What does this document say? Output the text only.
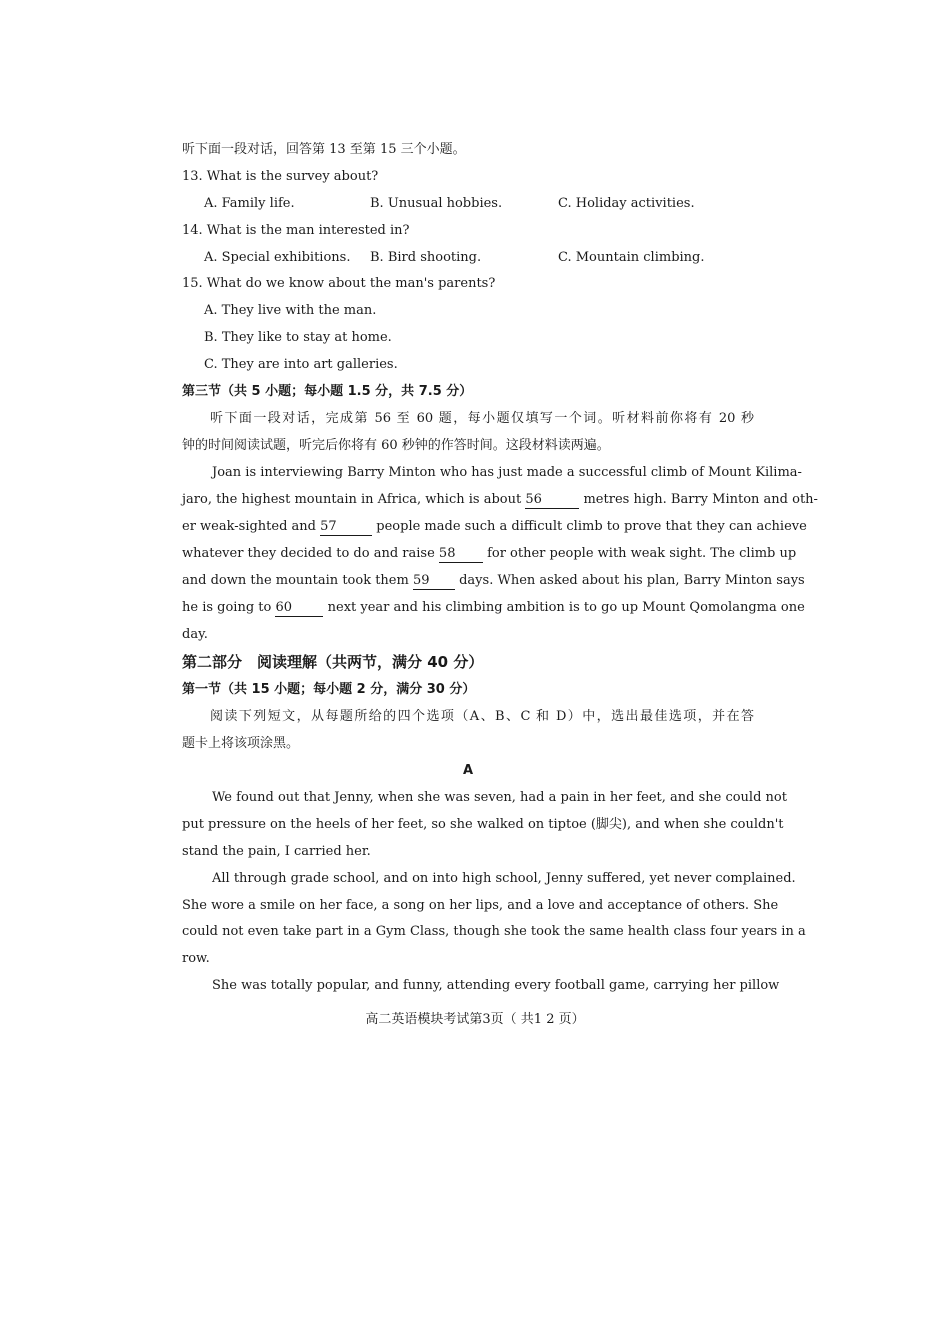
听下面一段对话，回答第 13 至第 15 三个小题。
13. What is the survey about?
A. Family life.	B. Unusual hobbies.	C. Holiday activities.
14. What is the man interested in?
A. Special exhibitions. B. Bird shooting.	C. Mountain climbing.
15. What do we know about the man's parents?
A. They live with the man.
B. They like to stay at home.
C. They are into art galleries.
第三节（共 5 小题；每小题 1.5 分，共 7.5 分）
听下面一段对话，完成第 56 至 60 题，每小题仅填写一个词。听材料前你将有 20 秒
钟的时间阅读试题，听完后你将有 60 秒钟的作答时间。这段材料读两遍。
Joan is interviewing Barry Minton who has just made a successful climb of Mount Kilima-
jaro, the highest mountain in Africa, which is about 56	metres high. Barry Minton and oth-
er weak-sighted and 57	people made such a difficult climb to prove that they can achieve
whatever they decided to do and raise 58 for other people with weak sight. The climb up
and down the mountain took them 59 days. When asked about his plan, Barry Minton says
he is going to 60	next year and his climbing ambition is to go up Mount Qomolangma one
day.
第二部分　阅读理解（共两节，满分 40 分）
第一节（共 15 小题；每小题 2 分，满分 30 分）
阅读下列短文，从每题所给的四个选项（A、B、C 和 D）中，选出最佳选项，并在答
题卡上将该项涂黑。
A
We found out that Jenny, when she was seven, had a pain in her feet, and she could not
put pressure on the heels of her feet, so she walked on tiptoe (脚尖), and when she couldn't
stand the pain, I carried her.
All through grade school, and on into high school, Jenny suffered, yet never complained.
She wore a smile on her face, a song on her lips, and a love and acceptance of others. She
could not even take part in a Gym Class, though she took the same health class four years in a
row.
She was totally popular, and funny, attending every football game, carrying her pillow
高二英语模块考试第3页（ 共1 2 页）
